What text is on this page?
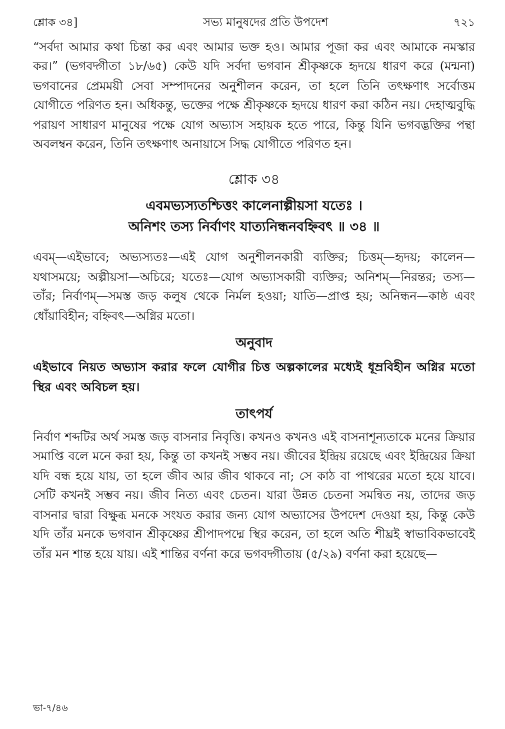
শ্লোক ৩৪]	সভ্য মানুষদের প্রতি উপদেশ	৭২১

“সর্বদা আমার কথা চিন্তা কর এবং আমার ভক্ত হও। আমার পূজা কর এবং আমাকে নমস্কার কর।” (ভগবদ্গীতা ১৮/৬৫) কেউ যদি সর্বদা ভগবান শ্রীকৃষ্ণকে হৃদয়ে ধারণ করে (মন্মনা) ভগবানের প্রেমময়ী সেবা সম্পাদনের অনুশীলন করেন, তা হলে তিনি তৎক্ষণাৎ সর্বোত্তম যোগীতে পরিণত হন। অধিকন্তু, ভক্তের পক্ষে শ্রীকৃষ্ণকে হৃদয়ে ধারণ করা কঠিন নয়। দেহাত্মবুদ্ধি পরায়ণ সাধারণ মানুষের পক্ষে যোগ অভ্যাস সহায়ক হতে পারে, কিন্তু যিনি ভগবদ্ভক্তির পন্থা অবলম্বন করেন, তিনি তৎক্ষণাৎ অনায়াসে সিদ্ধ যোগীতে পরিণত হন।

শ্লোক ৩৪
এবমভ্যস্যতশ্চিত্তং কালেনাল্পীয়সা যতেঃ ।
অনিশং তস্য নির্বাণং যাত্যনিন্ধনবহ্নিবৎ ॥ ৩৪ ॥

এবম্—এইভাবে; অভ্যস্যতঃ—এই যোগ অনুশীলনকারী ব্যক্তির; চিত্তম্—হৃদয়; কালেন—যথাসময়ে; অল্পীয়সা—অচিরে; যতেঃ—যোগ অভ্যাসকারী ব্যক্তির; অনিশম্—নিরন্তর; তস্য—তাঁর; নির্বাণম্—সমস্ত জড় কলুষ থেকে নির্মল হওয়া; যাতি—প্রাপ্ত হয়; অনিন্ধন—কাষ্ঠ এবং ধোঁয়াবিহীন; বহ্নিবৎ—অগ্নির মতো।

অনুবাদ

এইভাবে নিয়ত অভ্যাস করার ফলে যোগীর চিত্ত অল্পকালের মধ্যেই ধূম্রবিহীন অগ্নির মতো স্থির এবং অবিচল হয়।

তাৎপর্য

নির্বাণ শব্দটির অর্থ সমস্ত জড় বাসনার নিবৃত্তি। কখনও কখনও এই বাসনাশূন্যতাকে মনের ক্রিয়ার সমাপ্তি বলে মনে করা হয়, কিন্তু তা কখনই সম্ভব নয়। জীবের ইন্দ্রিয় রয়েছে এবং ইন্দ্রিয়ের ক্রিয়া যদি বন্ধ হয়ে যায়, তা হলে জীব আর জীব থাকবে না; সে কাঠ বা পাথরের মতো হয়ে যাবে। সেটি কখনই সম্ভব নয়। জীব নিত্য এবং চেতন। যারা উন্নত চেতনা সমন্বিত নয়, তাদের জড় বাসনার দ্বারা বিক্ষুব্ধ মনকে সংযত করার জন্য যোগ অভ্যাসের উপদেশ দেওয়া হয়, কিন্তু কেউ যদি তাঁর মনকে ভগবান শ্রীকৃষ্ণের শ্রীপাদপদ্মে স্থির করেন, তা হলে অতি শীঘ্রই স্বাভাবিকভাবেই তাঁর মন শান্ত হয়ে যায়। এই শান্তির বর্ণনা করে ভগবদ্গীতায় (৫/২৯) বর্ণনা করা হয়েছে—

ভা-৭/৪৬
